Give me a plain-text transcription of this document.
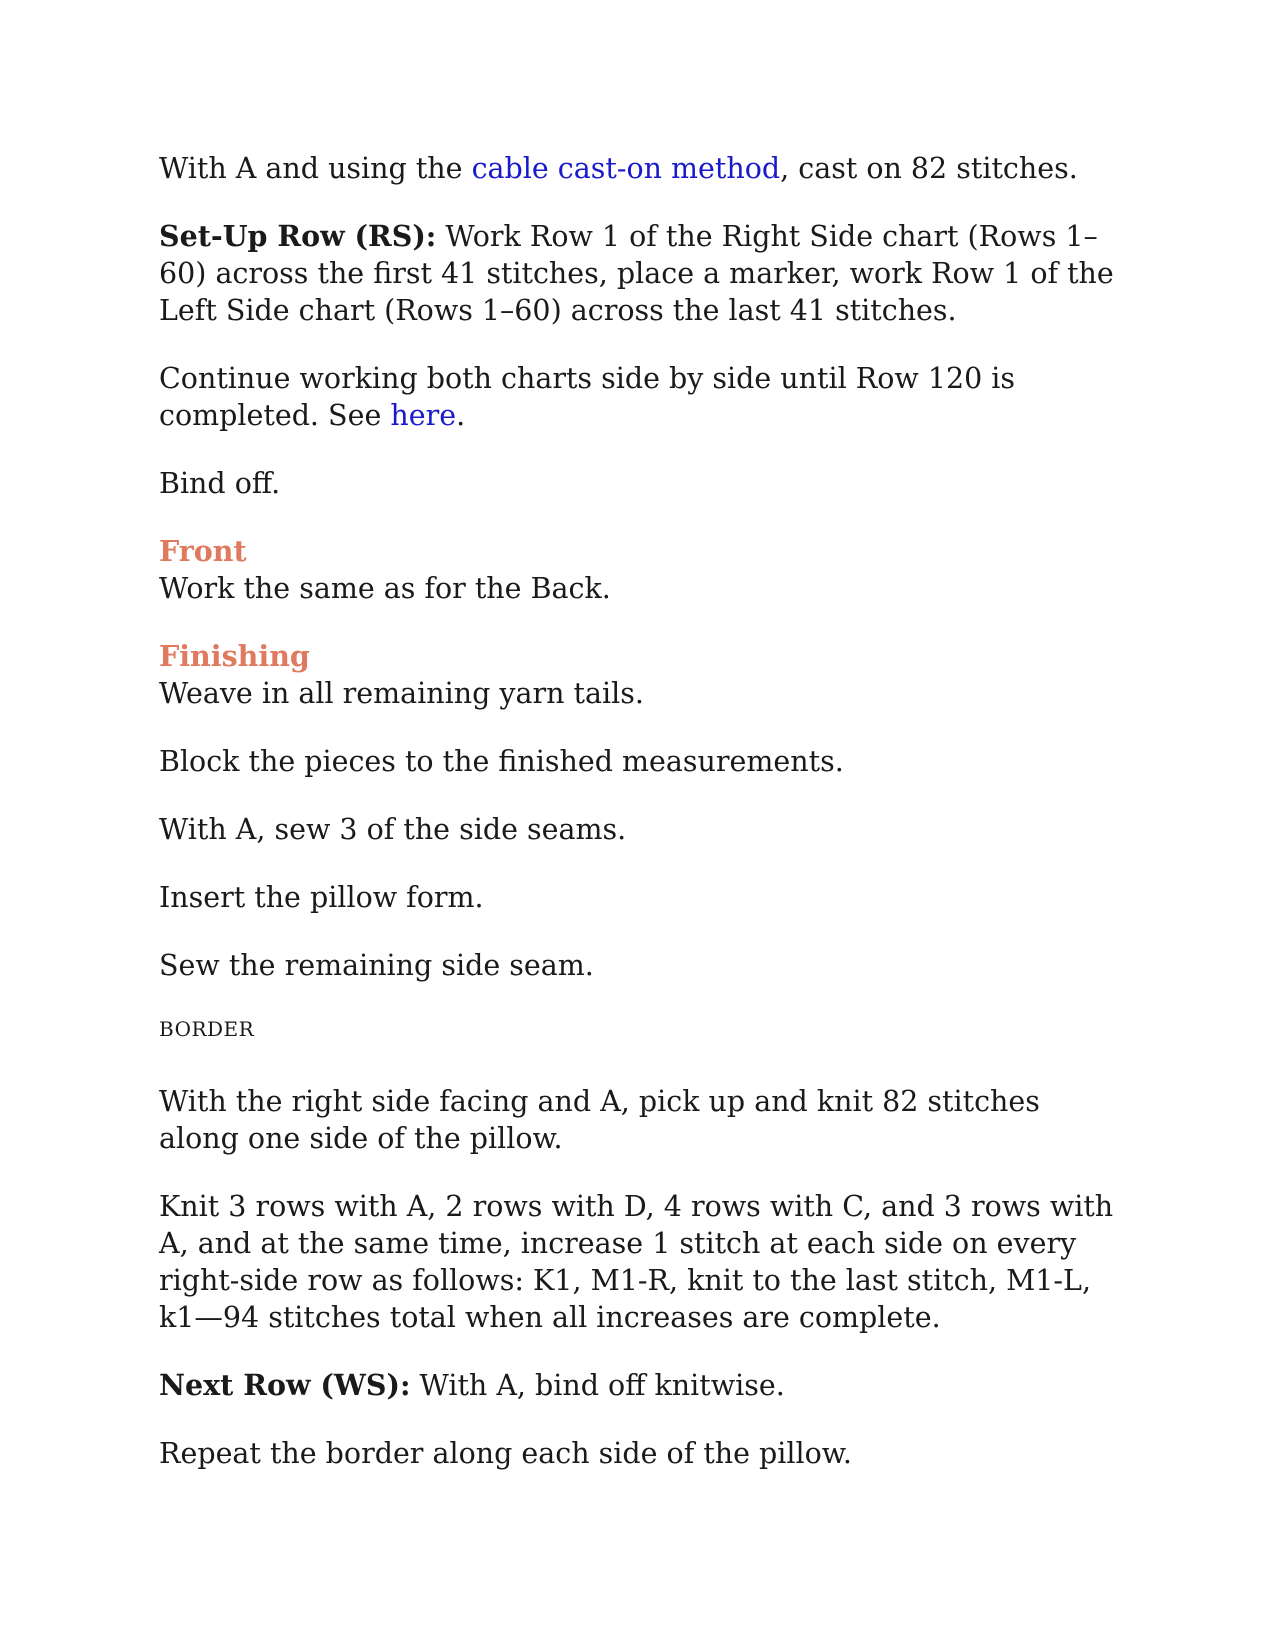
With A and using the cable cast-on method, cast on 82 stitches.

Set-Up Row (RS): Work Row 1 of the Right Side chart (Rows 1–60) across the first 41 stitches, place a marker, work Row 1 of the Left Side chart (Rows 1–60) across the last 41 stitches.

Continue working both charts side by side until Row 120 is completed. See here.

Bind off.

Front

Work the same as for the Back.

Finishing

Weave in all remaining yarn tails.

Block the pieces to the finished measurements.

With A, sew 3 of the side seams.

Insert the pillow form.

Sew the remaining side seam.

BORDER

With the right side facing and A, pick up and knit 82 stitches along one side of the pillow.

Knit 3 rows with A, 2 rows with D, 4 rows with C, and 3 rows with A, and at the same time, increase 1 stitch at each side on every right-side row as follows: K1, M1-R, knit to the last stitch, M1-L, k1—94 stitches total when all increases are complete.

Next Row (WS): With A, bind off knitwise.

Repeat the border along each side of the pillow.
